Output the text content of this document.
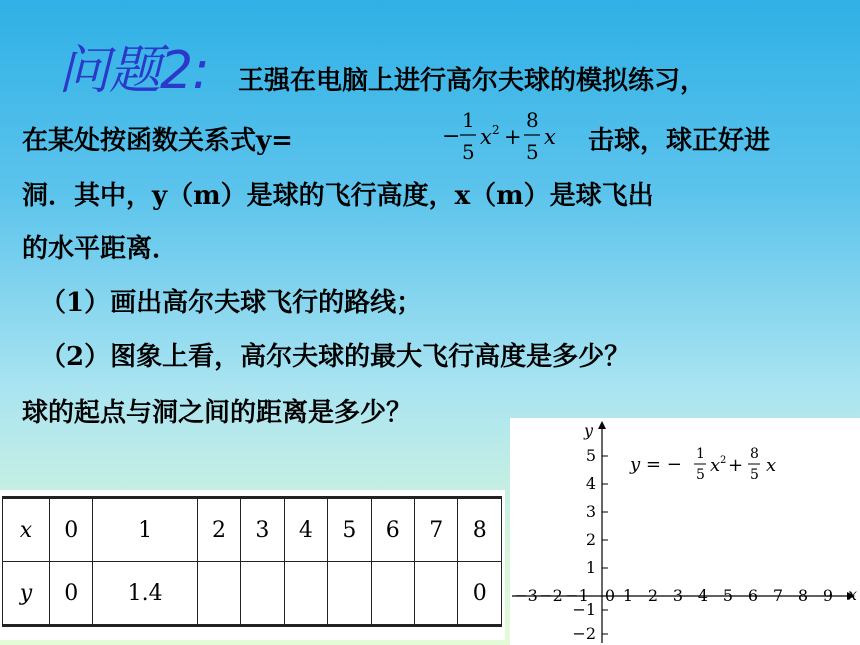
问题2: 王强在电脑上进行高尔夫球的模拟练习，
在某处按函数关系式y=	−
1
5
x 2 +
8
5
x 击球，球正好进
洞．其中，y（m）是球的飞行高度，x（m）是球飞出
的水平距离．
（1）画出高尔夫球飞行的路线；
（2）图象上看，高尔夫球的最大飞行高度是多少？
球的起点与洞之间的距离是多少？
x	0	1	2	3	4	5	6	7	8
y	0	1.4							0
y
x
5
4
3
2
1
−1
−2
−3 −2 −1 0 1 2 3 4 5 6 7 8 9
y = − 1
5 x 2 +
8
5 x
